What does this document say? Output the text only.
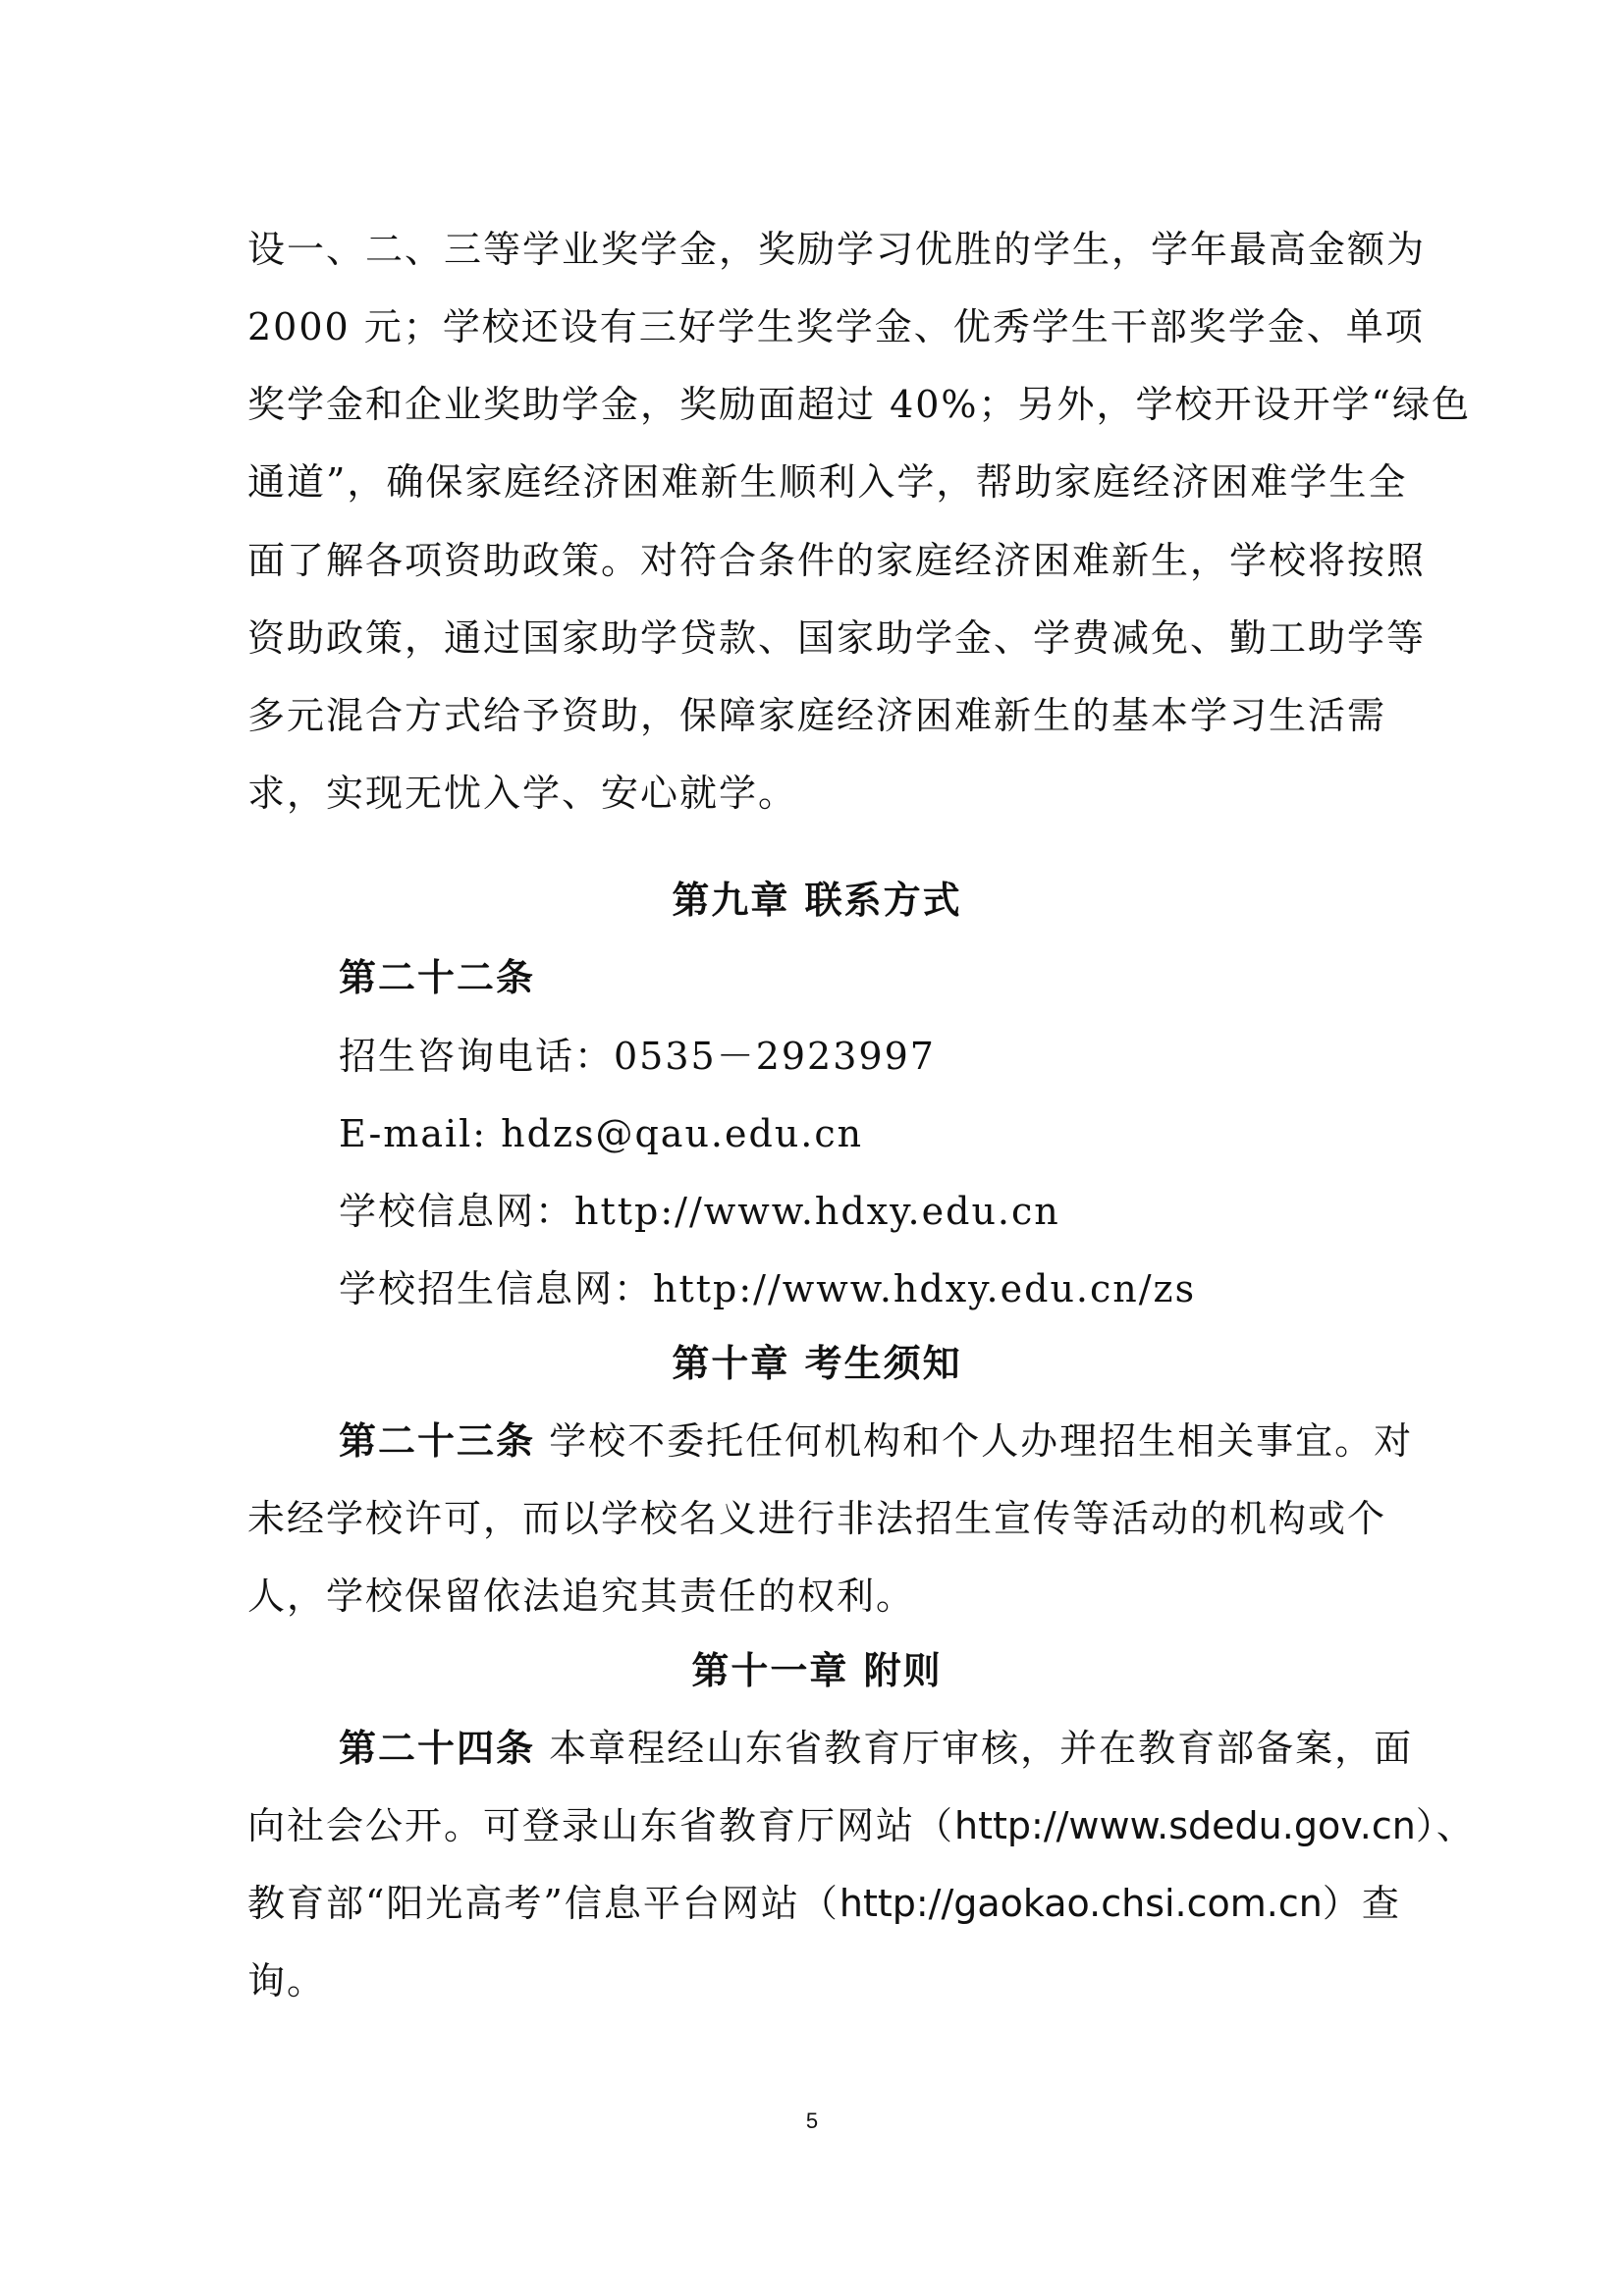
设一、二、三等学业奖学金，奖励学习优胜的学生，学年最高金额为
2000 元；学校还设有三好学生奖学金、优秀学生干部奖学金、单项
奖学金和企业奖助学金，奖励面超过 40%；另外，学校开设开学“绿色
通道”，确保家庭经济困难新生顺利入学，帮助家庭经济困难学生全
面了解各项资助政策。对符合条件的家庭经济困难新生，学校将按照
资助政策，通过国家助学贷款、国家助学金、学费减免、勤工助学等
多元混合方式给予资助，保障家庭经济困难新生的基本学习生活需
求，实现无忧入学、安心就学。
第九章 联系方式
第二十二条
招生咨询电话：0535－2923997
E-mail: hdzs@qau.edu.cn
学校信息网：http://www.hdxy.edu.cn
学校招生信息网：http://www.hdxy.edu.cn/zs
第十章 考生须知
第二十三条 学校不委托任何机构和个人办理招生相关事宜。对
未经学校许可，而以学校名义进行非法招生宣传等活动的机构或个
人，学校保留依法追究其责任的权利。
第十一章 附则
第二十四条 本章程经山东省教育厅审核，并在教育部备案，面
向社会公开。可登录山东省教育厅网站（http://www.sdedu.gov.cn）、
教育部“阳光高考”信息平台网站（http://gaokao.chsi.com.cn）查
询。
5
